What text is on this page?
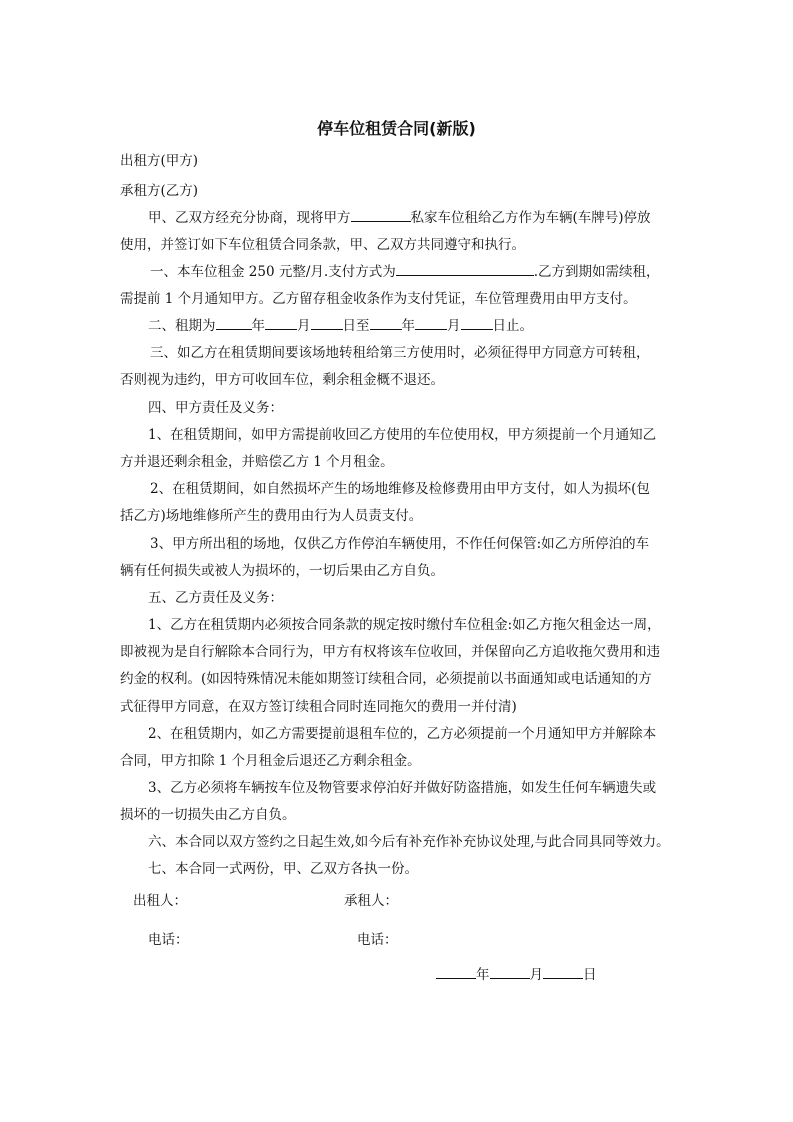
停车位租赁合同(新版)
出租方(甲方)
承租方(乙方)
甲、乙双方经充分协商，现将甲方	私家车位租给乙方作为车辆(车牌号)停放
使用，并签订如下车位租赁合同条款，甲、乙双方共同遵守和执行。
一、本车位租金 250 元整/月.支付方式为	.乙方到期如需续租，
需提前 1 个月通知甲方。乙方留存租金收条作为支付凭证，车位管理费用由甲方支付。
二、租期为	年 月 日至 年 月 日止。
三、如乙方在租赁期间要该场地转租给第三方使用时，必须征得甲方同意方可转租，
否则视为违约，甲方可收回车位，剩余租金概不退还。
四、甲方责任及义务：
1、在租赁期间，如甲方需提前收回乙方使用的车位使用权，甲方须提前一个月通知乙
方并退还剩余租金，并赔偿乙方 1 个月租金。
2、在租赁期间，如自然损坏产生的场地维修及检修费用由甲方支付，如人为损坏(包
括乙方)场地维修所产生的费用由行为人员责支付。
3、甲方所出租的场地，仅供乙方作停泊车辆使用，不作任何保管:如乙方所停泊的车
辆有任何损失或被人为损坏的，一切后果由乙方自负。
五、乙方责任及义务：
1、乙方在租赁期内必须按合同条款的规定按时缴付车位租金:如乙方拖欠租金达一周，
即被视为是自行解除本合同行为，甲方有权将该车位收回，并保留向乙方追收拖欠费用和违
约金的权利。(如因特殊情况未能如期签订续租合同，必须提前以书面通知或电话通知的方
式征得甲方同意，在双方签订续租合同时连同拖欠的费用一并付清)
2、在租赁期内，如乙方需要提前退租车位的，乙方必须提前一个月通知甲方并解除本
合同，甲方扣除 1 个月租金后退还乙方剩余租金。
3、乙方必须将车辆按车位及物管要求停泊好并做好防盗措施，如发生任何车辆遗失或
损坏的一切损失由乙方自负。
六、本合同以双方签约之日起生效,如今后有补充作补充协议处理,与此合同具同等效力。
七、本合同一式两份，甲、乙双方各执一份。
出租人：	承租人：
电话：	电话：
年	月	日
